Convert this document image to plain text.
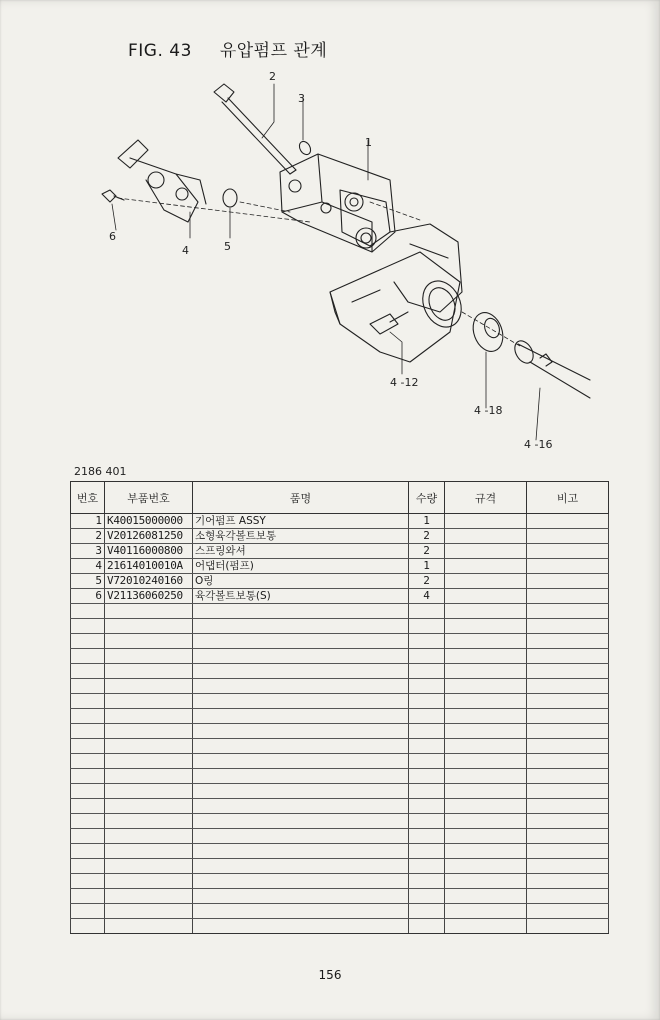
FIG. 43 유압펌프 관계
2
3
1
6
4	5
4 -12
4 -18
4 -16
2186 401
번호	부품번호	품명	수량	규격	비고
1	K40015000000	기어펌프 ASSY	1		
2	V20126081250	소형육각볼트보통	2		
3	V40116000800	스프링와셔	2		
4	21614010010A	어댑터(펌프)	1		
5	V72010240160	O링	2		
6	V21136060250	육각볼트보통(S)	4		

156
